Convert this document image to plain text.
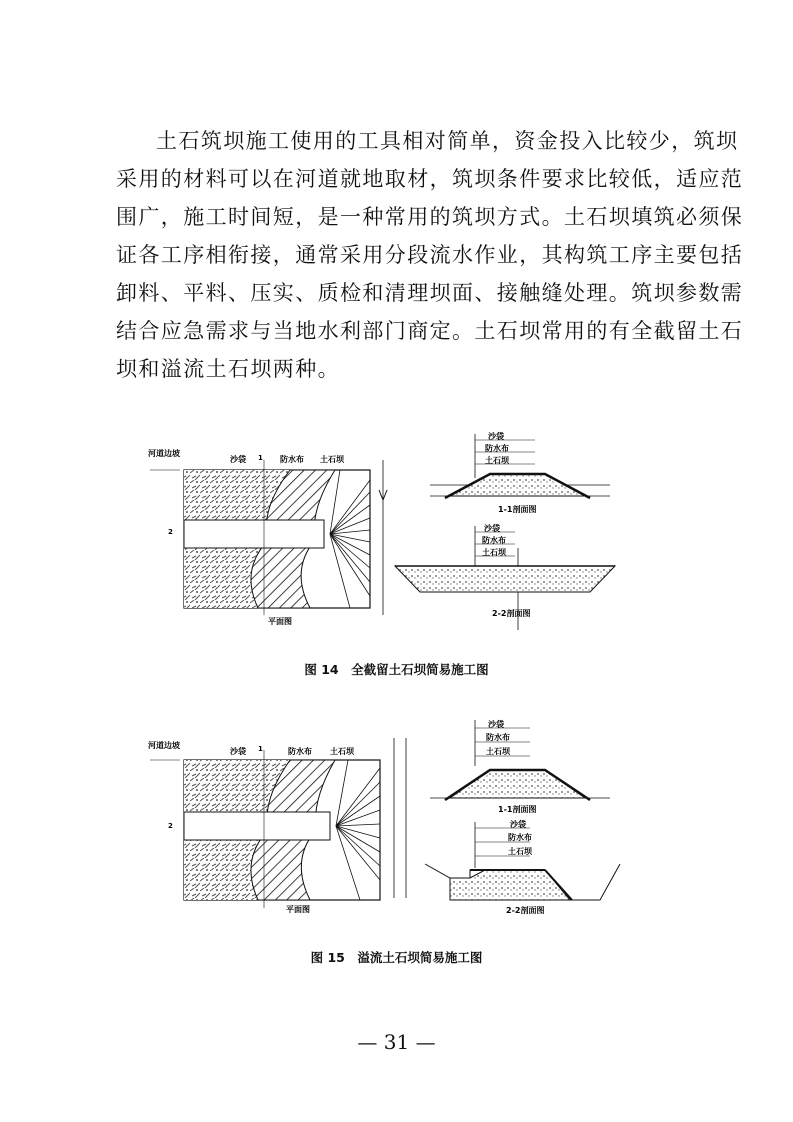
土石筑坝施工使用的工具相对简单，资金投入比较少，筑坝
采用的材料可以在河道就地取材，筑坝条件要求比较低，适应范
围广，施工时间短，是一种常用的筑坝方式。土石坝填筑必须保
证各工序相衔接，通常采用分段流水作业，其构筑工序主要包括
卸料、平料、压实、质检和清理坝面、接触缝处理。筑坝参数需
结合应急需求与当地水利部门商定。土石坝常用的有全截留土石
坝和溢流土石坝两种。
河道边坡
沙袋 1 防水布 土石坝
2
平面图
沙袋
防水布
土石坝
1-1剖面图
沙袋
防水布
土石坝
2-2剖面图
图 14　全截留土石坝简易施工图
河道边坡
沙袋 1	防水布 土石坝
2
平面图
沙袋
防水布
土石坝
1-1剖面图
沙袋
防水布
土石坝
2-2剖面图
图 15　溢流土石坝简易施工图
— 31 —
